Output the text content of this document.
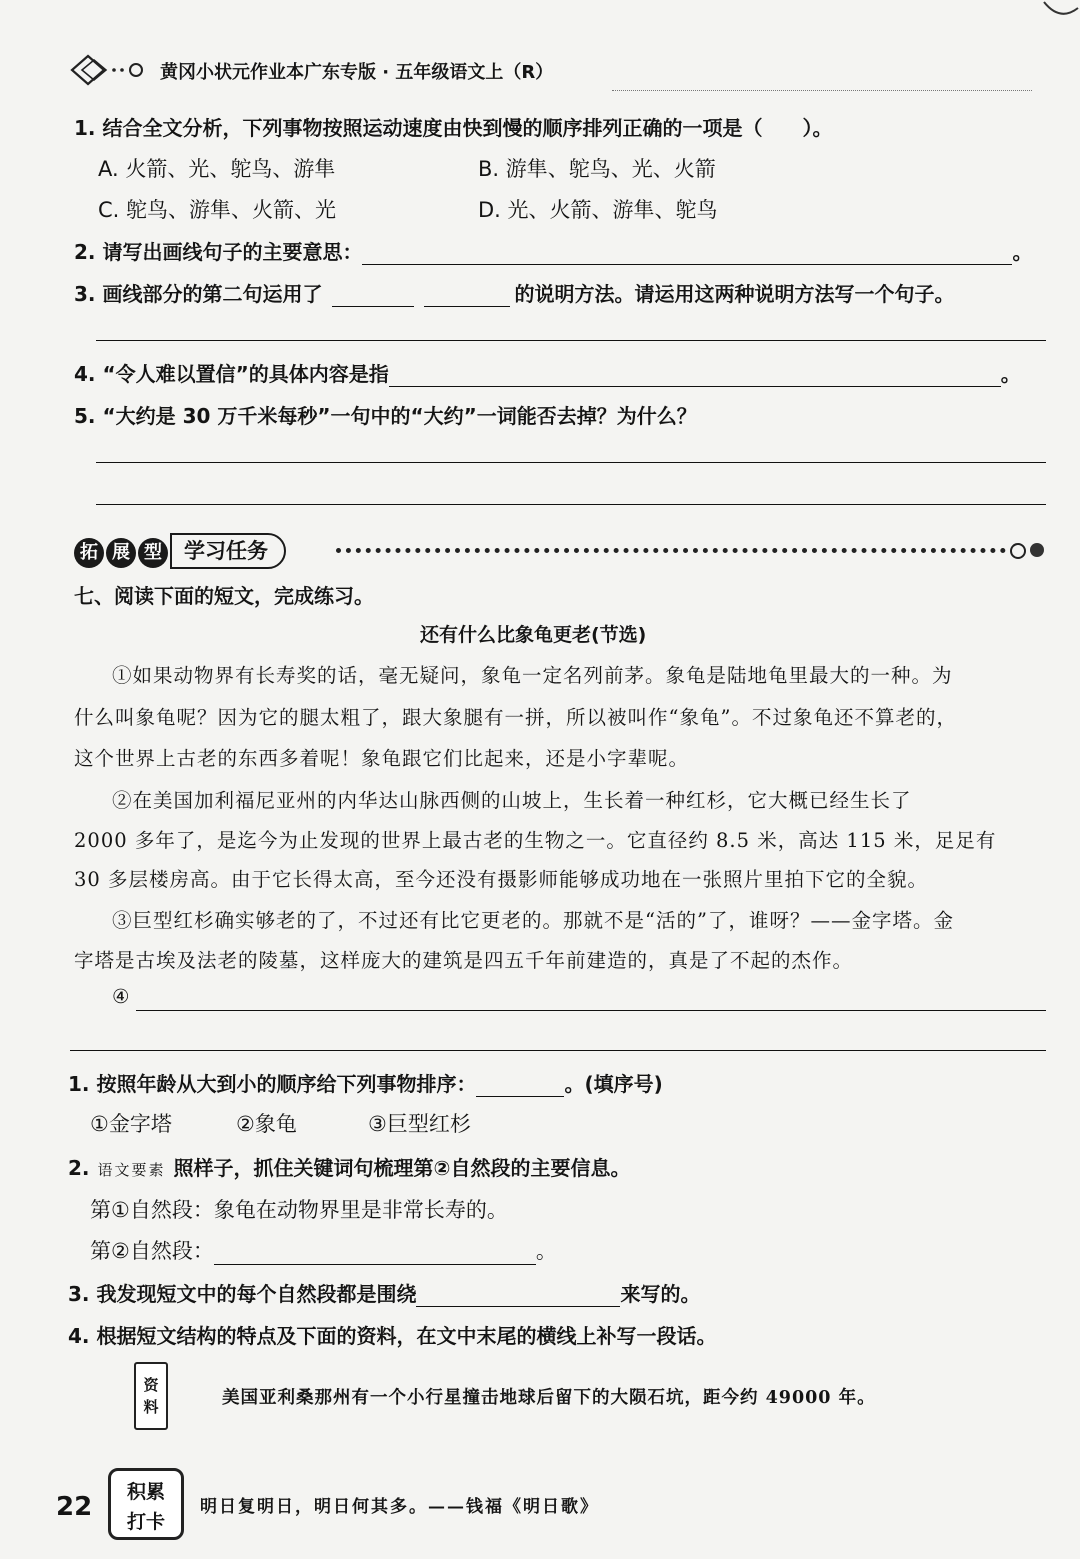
黄冈小状元作业本广东专版 · 五年级语文上（R）
1. 结合全文分析，下列事物按照运动速度由快到慢的顺序排列正确的一项是（　　）。
A. 火箭、光、鸵鸟、游隼	B. 游隼、鸵鸟、光、火箭
C. 鸵鸟、游隼、火箭、光	D. 光、火箭、游隼、鸵鸟
2. 请写出画线句子的主要意思：	。
3. 画线部分的第二句运用了	的说明方法。请运用这两种说明方法写一个句子。
4. “令人难以置信”的具体内容是指	。
5. “大约是 30 万千米每秒”一句中的“大约”一词能否去掉？为什么？
拓 展 型 学习任务
七、阅读下面的短文，完成练习。
还有什么比象龟更老(节选)
①如果动物界有长寿奖的话，毫无疑问，象龟一定名列前茅。象龟是陆地龟里最大的一种。为
什么叫象龟呢？因为它的腿太粗了，跟大象腿有一拼，所以被叫作“象龟”。不过象龟还不算老的，
这个世界上古老的东西多着呢！象龟跟它们比起来，还是小字辈呢。
②在美国加利福尼亚州的内华达山脉西侧的山坡上，生长着一种红杉，它大概已经生长了
2000 多年了，是迄今为止发现的世界上最古老的生物之一。它直径约 8.5 米，高达 115 米，足足有
30 多层楼房高。由于它长得太高，至今还没有摄影师能够成功地在一张照片里拍下它的全貌。
③巨型红杉确实够老的了，不过还有比它更老的。那就不是“活的”了，谁呀？——金字塔。金
字塔是古埃及法老的陵墓，这样庞大的建筑是四五千年前建造的，真是了不起的杰作。
④
1. 按照年龄从大到小的顺序给下列事物排序：	。(填序号)
①金字塔	②象龟	③巨型红杉
2. 语文要素 照样子，抓住关键词句梳理第②自然段的主要信息。
第①自然段：象龟在动物界里是非常长寿的。
第②自然段：	。
3. 我发现短文中的每个自然段都是围绕	来写的。
4. 根据短文结构的特点及下面的资料，在文中末尾的横线上补写一段话。
资
料	美国亚利桑那州有一个小行星撞击地球后留下的大陨石坑，距今约 49000 年。
22	积累
打卡
明日复明日，明日何其多。——钱福《明日歌》
